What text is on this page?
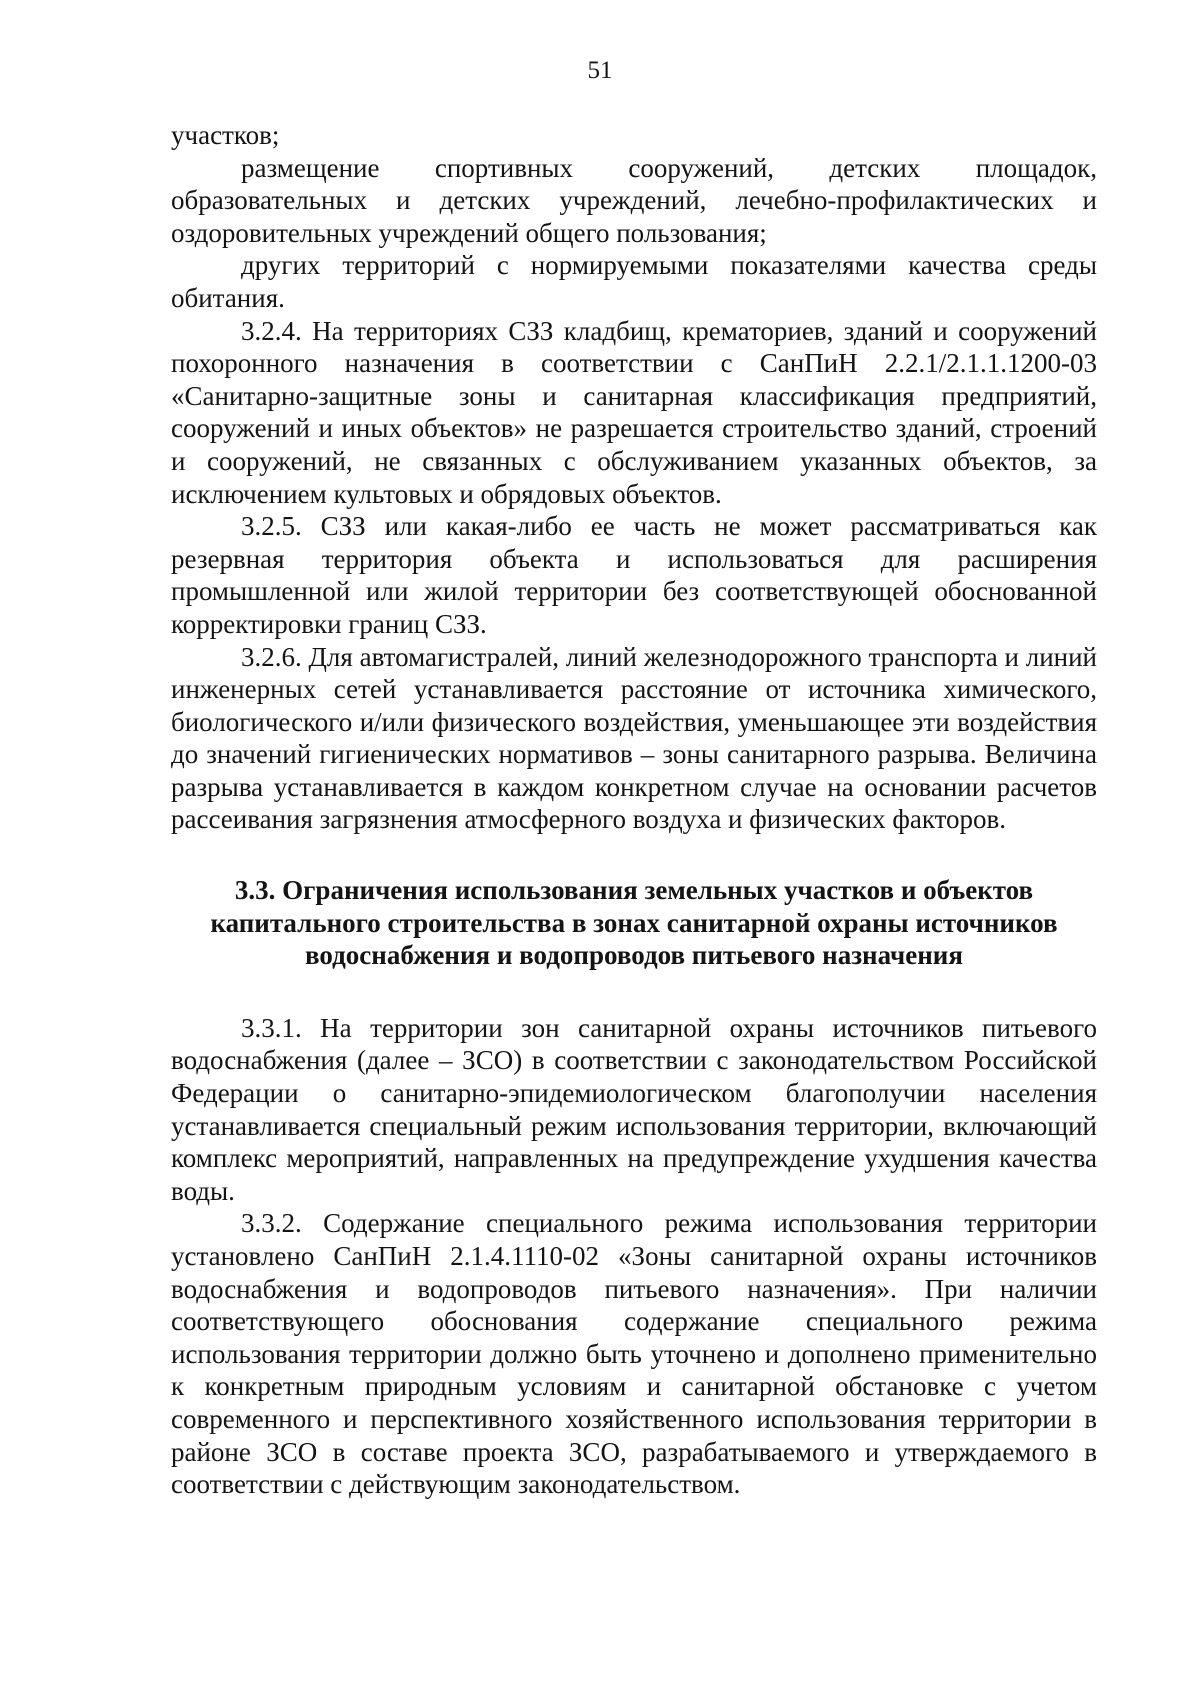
51

участков;

размещение спортивных сооружений, детских площадок, образовательных и детских учреждений, лечебно-профилактических и оздоровительных учреждений общего пользования;

других территорий с нормируемыми показателями качества среды обитания.

3.2.4. На территориях СЗЗ кладбищ, крематориев, зданий и сооружений похоронного назначения в соответствии с СанПиН 2.2.1/2.1.1.1200-03 «Санитарно-защитные зоны и санитарная классификация предприятий, сооружений и иных объектов» не разрешается строительство зданий, строений и сооружений, не связанных с обслуживанием указанных объектов, за исключением культовых и обрядовых объектов.

3.2.5. СЗЗ или какая-либо ее часть не может рассматриваться как резервная территория объекта и использоваться для расширения промышленной или жилой территории без соответствующей обоснованной корректировки границ СЗЗ.

3.2.6. Для автомагистралей, линий железнодорожного транспорта и линий инженерных сетей устанавливается расстояние от источника химического, биологического и/или физического воздействия, уменьшающее эти воздействия до значений гигиенических нормативов – зоны санитарного разрыва. Величина разрыва устанавливается в каждом конкретном случае на основании расчетов рассеивания загрязнения атмосферного воздуха и физических факторов.

3.3. Ограничения использования земельных участков и объектов
капитального строительства в зонах санитарной охраны источников
водоснабжения и водопроводов питьевого назначения

3.3.1. На территории зон санитарной охраны источников питьевого водоснабжения (далее – ЗСО) в соответствии с законодательством Российской Федерации о санитарно-эпидемиологическом благополучии населения устанавливается специальный режим использования территории, включающий комплекс мероприятий, направленных на предупреждение ухудшения качества воды.

3.3.2. Содержание специального режима использования территории установлено СанПиН 2.1.4.1110-02 «Зоны санитарной охраны источников водоснабжения и водопроводов питьевого назначения». При наличии соответствующего обоснования содержание специального режима использования территории должно быть уточнено и дополнено применительно к конкретным природным условиям и санитарной обстановке с учетом современного и перспективного хозяйственного использования территории в районе ЗСО в составе проекта ЗСО, разрабатываемого и утверждаемого в соответствии с действующим законодательством.
